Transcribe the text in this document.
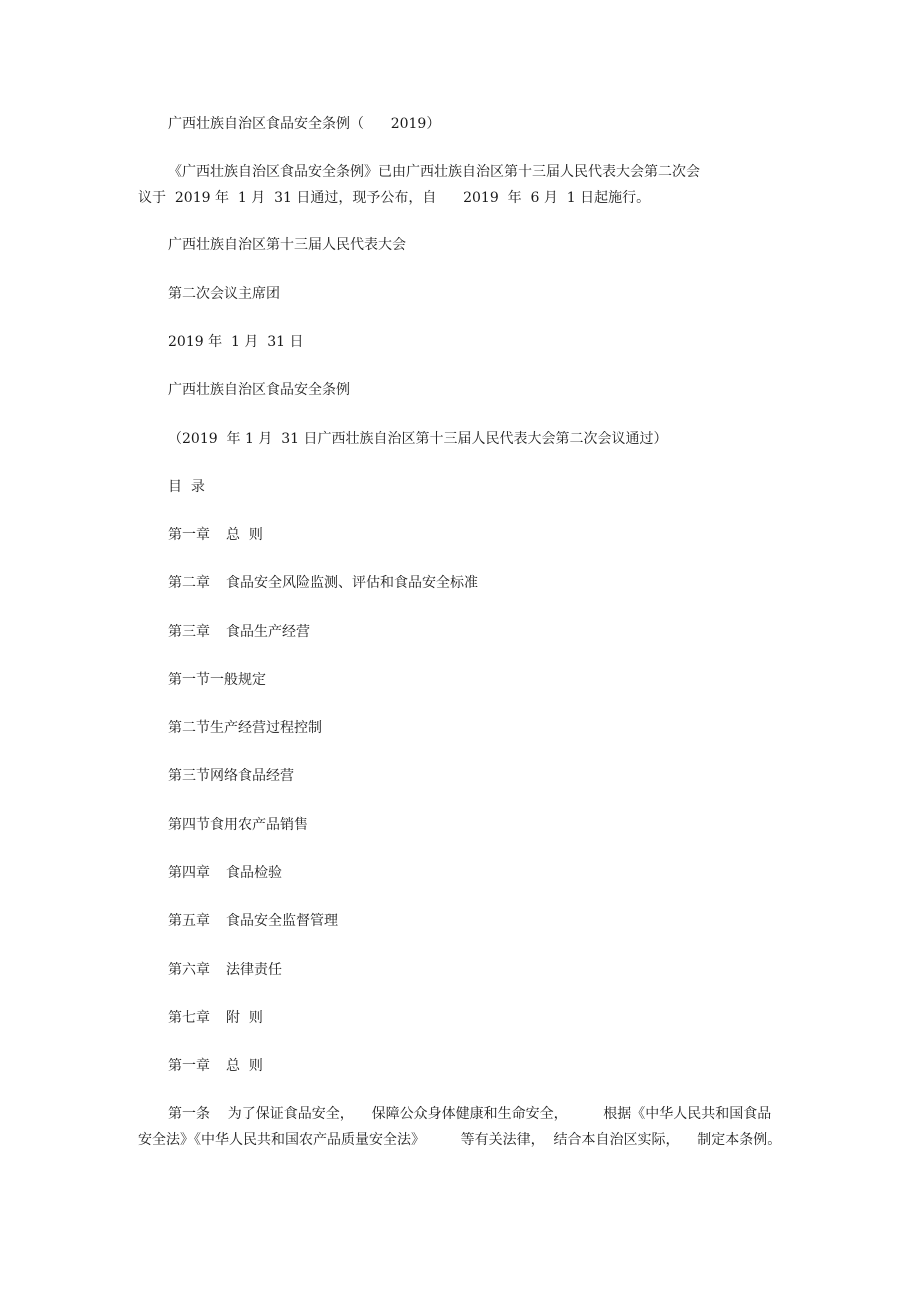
广西壮族自治区食品安全条例（      2019）

《广西壮族自治区食品安全条例》已由广西壮族自治区第十三届人民代表大会第二次会

议于  2019 年  1 月  31 日通过，现予公布，自      2019  年  6 月  1 日起施行。

广西壮族自治区第十三届人民代表大会

第二次会议主席团

2019 年  1 月  31 日

广西壮族自治区食品安全条例

（2019  年 1 月  31 日广西壮族自治区第十三届人民代表大会第二次会议通过）

目  录

第一章 总  则

第二章 食品安全风险监测、评估和食品安全标准

第三章 食品生产经营

第一节一般规定

第二节生产经营过程控制

第三节网络食品经营

第四节食用农产品销售

第四章 食品检验

第五章 食品安全监督管理

第六章 法律责任

第七章 附  则

第一章 总  则

第一条    为了保证食品安全，    保障公众身体健康和生命安全，        根据《中华人民共和国食品

安全法》《中华人民共和国农产品质量安全法》        等有关法律，  结合本自治区实际，    制定本条例。
